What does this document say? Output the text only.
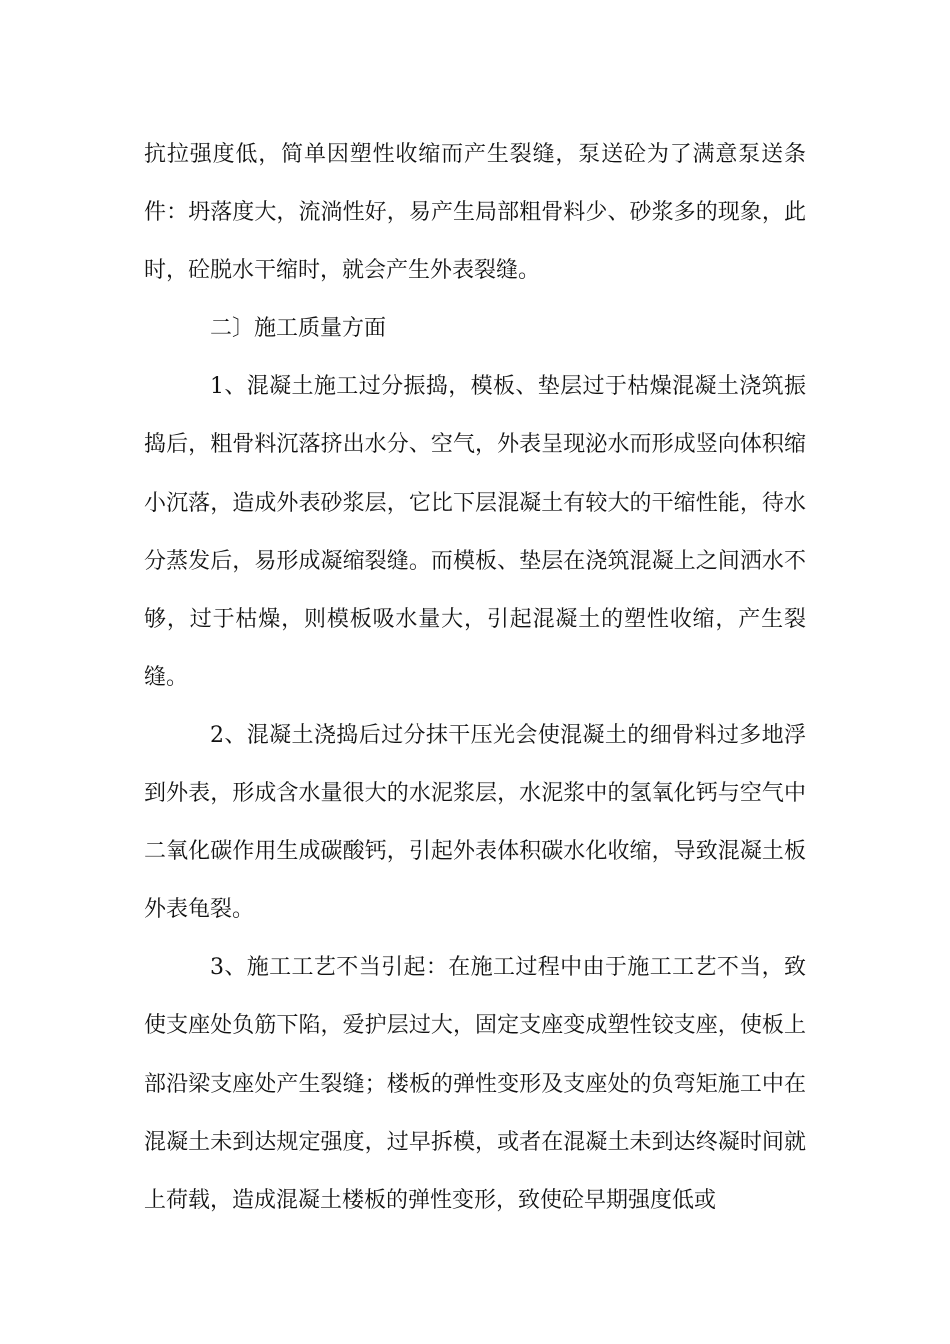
抗拉强度低，简单因塑性收缩而产生裂缝，泵送砼为了满意泵送条件：坍落度大，流淌性好，易产生局部粗骨料少、砂浆多的现象，此时，砼脱水干缩时，就会产生外表裂缝。

二〕施工质量方面

1、混凝土施工过分振捣，模板、垫层过于枯燥混凝土浇筑振捣后，粗骨料沉落挤出水分、空气，外表呈现泌水而形成竖向体积缩小沉落，造成外表砂浆层，它比下层混凝土有较大的干缩性能，待水分蒸发后，易形成凝缩裂缝。而模板、垫层在浇筑混凝上之间洒水不够，过于枯燥，则模板吸水量大，引起混凝土的塑性收缩，产生裂缝。

2、混凝土浇捣后过分抹干压光会使混凝土的细骨料过多地浮到外表，形成含水量很大的水泥浆层，水泥浆中的氢氧化钙与空气中二氧化碳作用生成碳酸钙，引起外表体积碳水化收缩，导致混凝土板外表龟裂。

3、施工工艺不当引起：在施工过程中由于施工工艺不当，致使支座处负筋下陷，爱护层过大，固定支座变成塑性铰支座，使板上部沿梁支座处产生裂缝；楼板的弹性变形及支座处的负弯矩施工中在混凝土未到达规定强度，过早拆模，或者在混凝土未到达终凝时间就上荷载，造成混凝土楼板的弹性变形，致使砼早期强度低或
